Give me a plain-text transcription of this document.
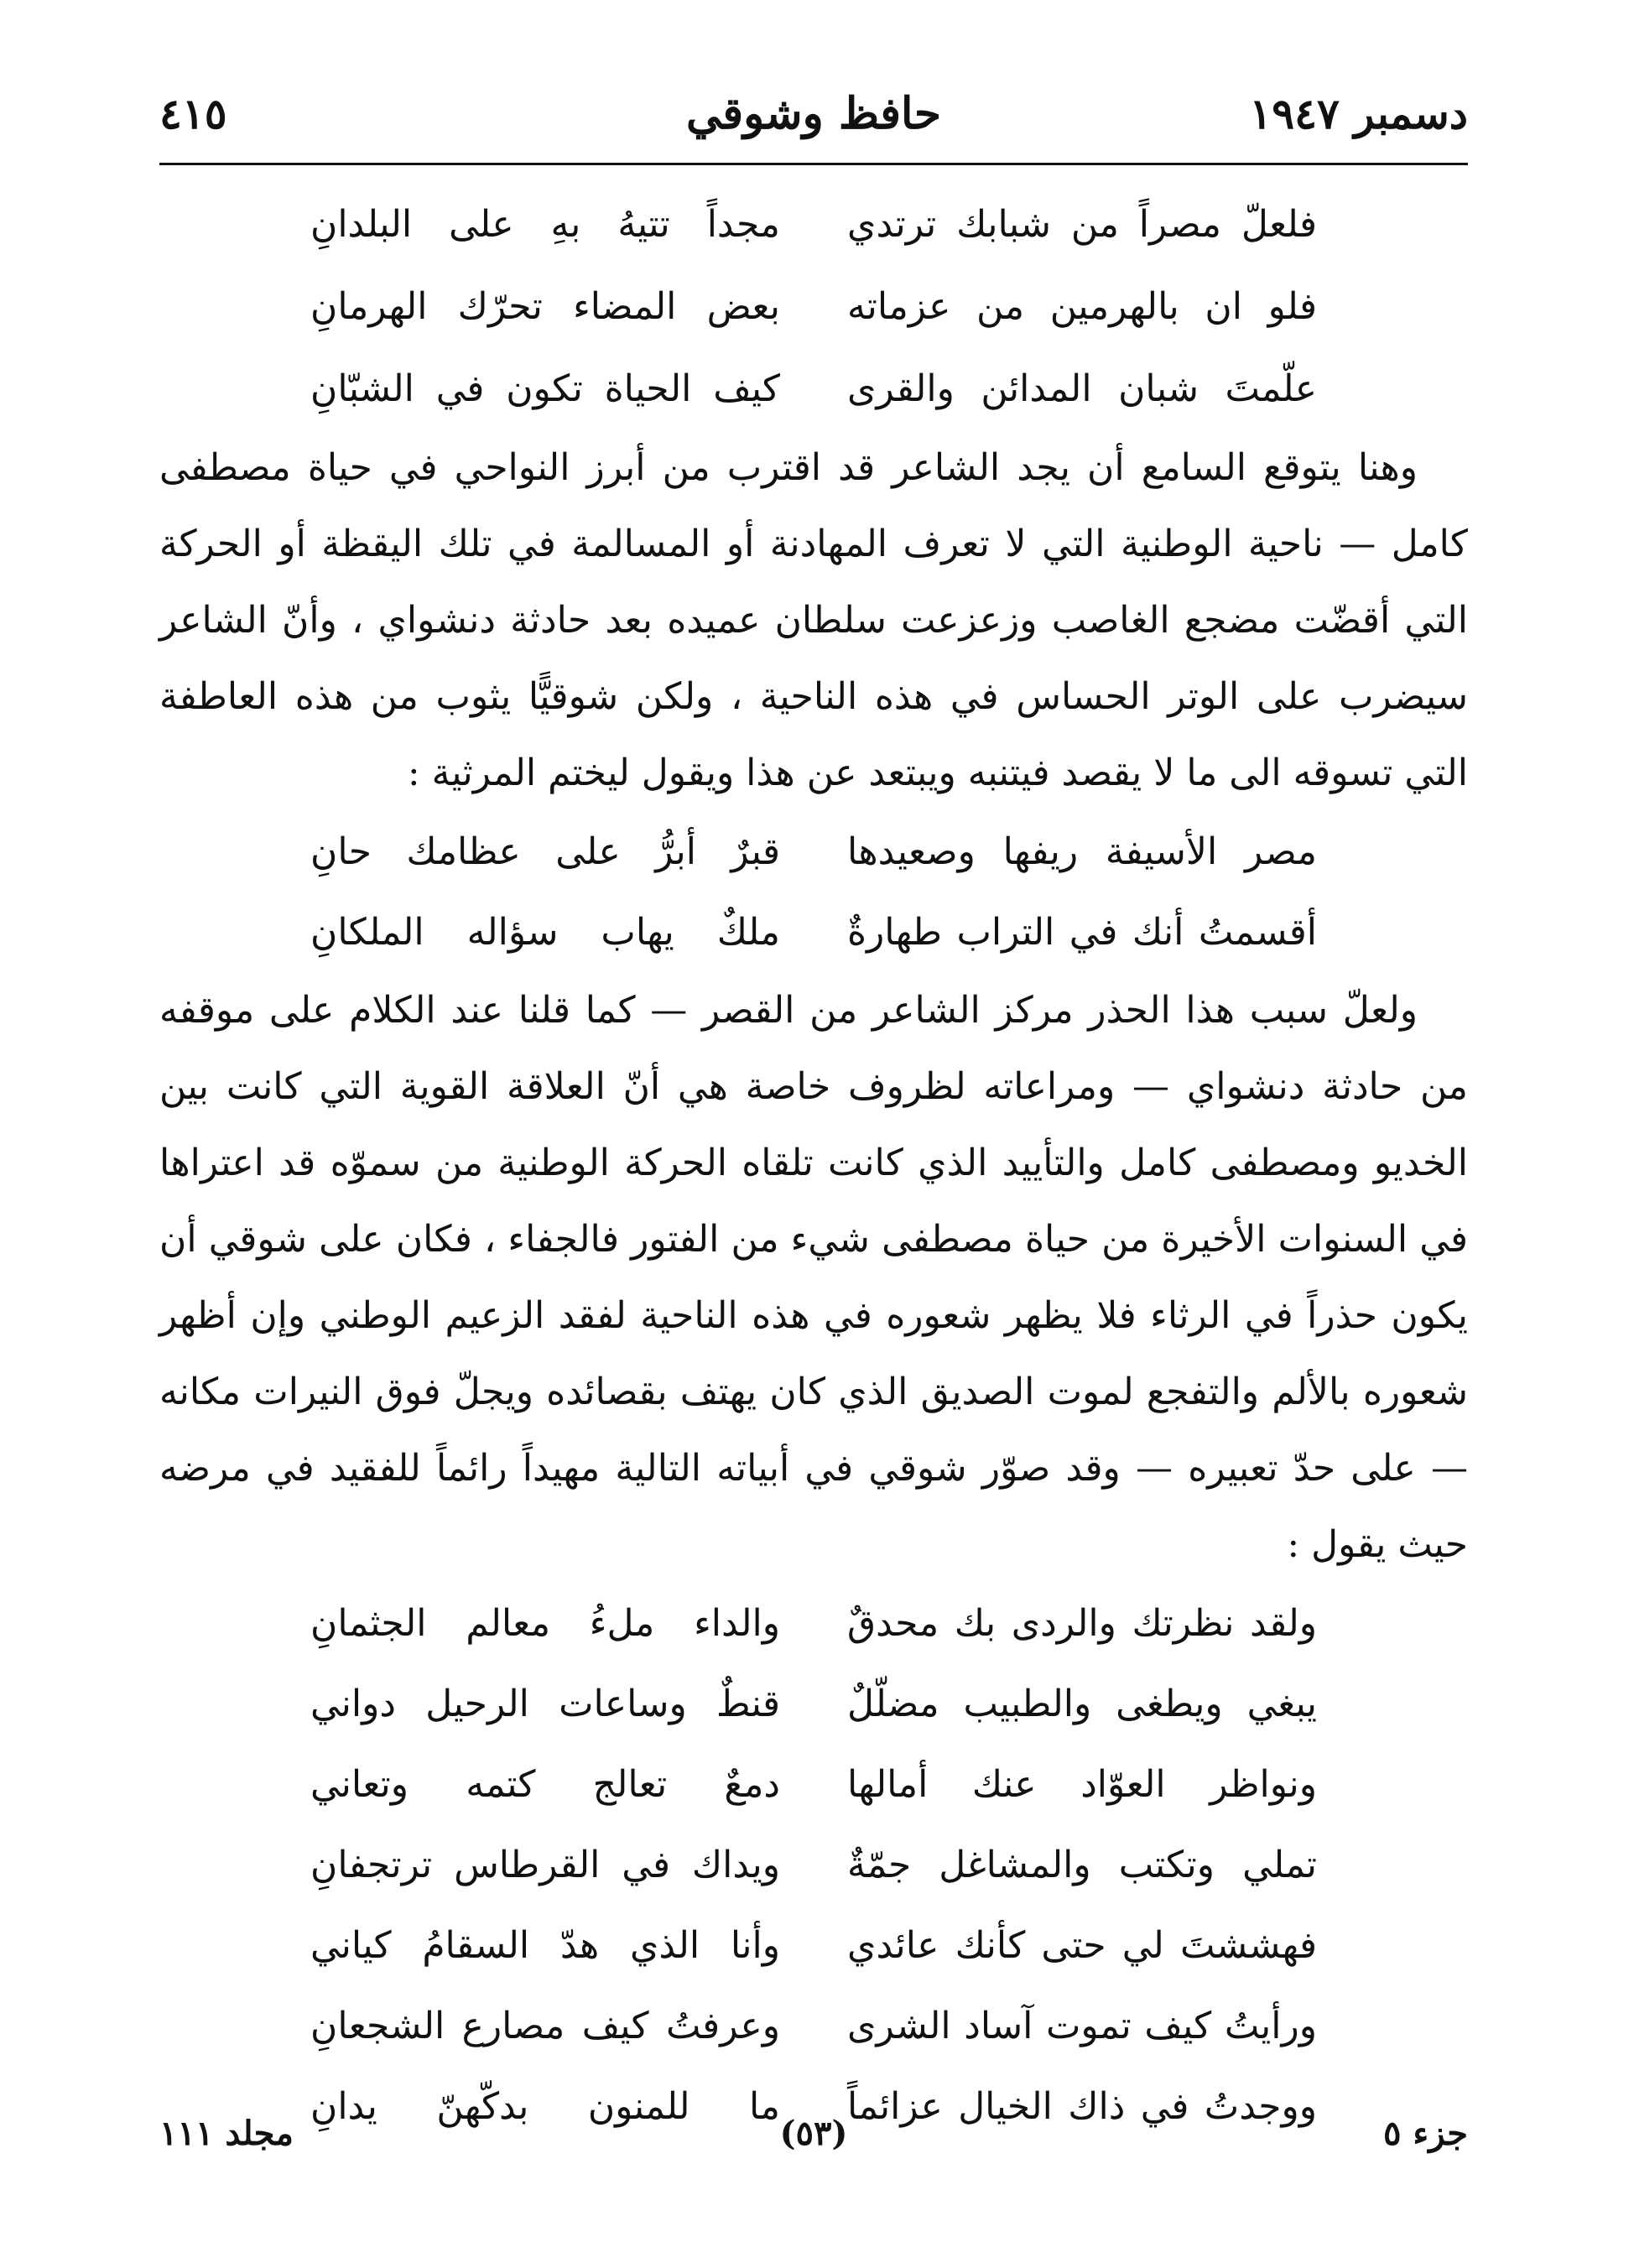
دسمبر ١٩٤٧
حافظ وشوقي
٤١٥
فلعلّ مصراً من شبابك ترتدي
مجداً تتيهُ بهِ على البلدانِ
فلو ان بالهرمين من عزماته
بعض المضاء تحرّك الهرمانِ
علّمتَ شبان المدائن والقرى
كيف الحياة تكون في الشبّانِ

وهنا يتوقع السامع أن يجد الشاعر قد اقترب من أبرز النواحي في حياة مصطفى كامل — ناحية الوطنية التي لا تعرف المهادنة أو المسالمة في تلك اليقظة أو الحركة التي أقضّت مضجع الغاصب وزعزعت سلطان عميده بعد حادثة دنشواي ، وأنّ الشاعر سيضرب على الوتر الحساس في هذه الناحية ، ولكن شوقيًّا يثوب من هذه العاطفة التي تسوقه الى ما لا يقصد فيتنبه ويبتعد عن هذا ويقول ليختم المرثية :

مصر الأسيفة ريفها وصعيدها
قبرٌ أبرُّ على عظامك حانِ
أقسمتُ أنك في التراب طهارةٌ
ملكٌ يهاب سؤاله الملكانِ

ولعلّ سبب هذا الحذر مركز الشاعر من القصر — كما قلنا عند الكلام على موقفه من حادثة دنشواي — ومراعاته لظروف خاصة هي أنّ العلاقة القوية التي كانت بين الخديو ومصطفى كامل والتأييد الذي كانت تلقاه الحركة الوطنية من سموّه قد اعتراها في السنوات الأخيرة من حياة مصطفى شيء من الفتور فالجفاء ، فكان على شوقي أن يكون حذراً في الرثاء فلا يظهر شعوره في هذه الناحية لفقد الزعيم الوطني وإن أظهر شعوره بالألم والتفجع لموت الصديق الذي كان يهتف بقصائده ويجلّ فوق النيرات مكانه — على حدّ تعبيره — وقد صوّر شوقي في أبياته التالية مهيداً رائماً للفقيد في مرضه حيث يقول :

ولقد نظرتك والردى بك محدقٌ
والداء ملءُ معالم الجثمانِ
يبغي ويطغى والطبيب مضلّلٌ
قنطٌ وساعات الرحيل دواني
ونواظر العوّاد عنك أمالها
دمعٌ تعالج كتمه وتعاني
تملي وتكتب والمشاغل جمّةٌ
ويداك في القرطاس ترتجفانِ
فهششتَ لي حتى كأنك عائدي
وأنا الذي هدّ السقامُ كياني
ورأيتُ كيف تموت آساد الشرى
وعرفتُ كيف مصارع الشجعانِ
ووجدتُ في ذاك الخيال عزائماً
ما للمنون بدكّهنّ يدانِ
جزء ٥
(٥٣)
مجلد ١١١
